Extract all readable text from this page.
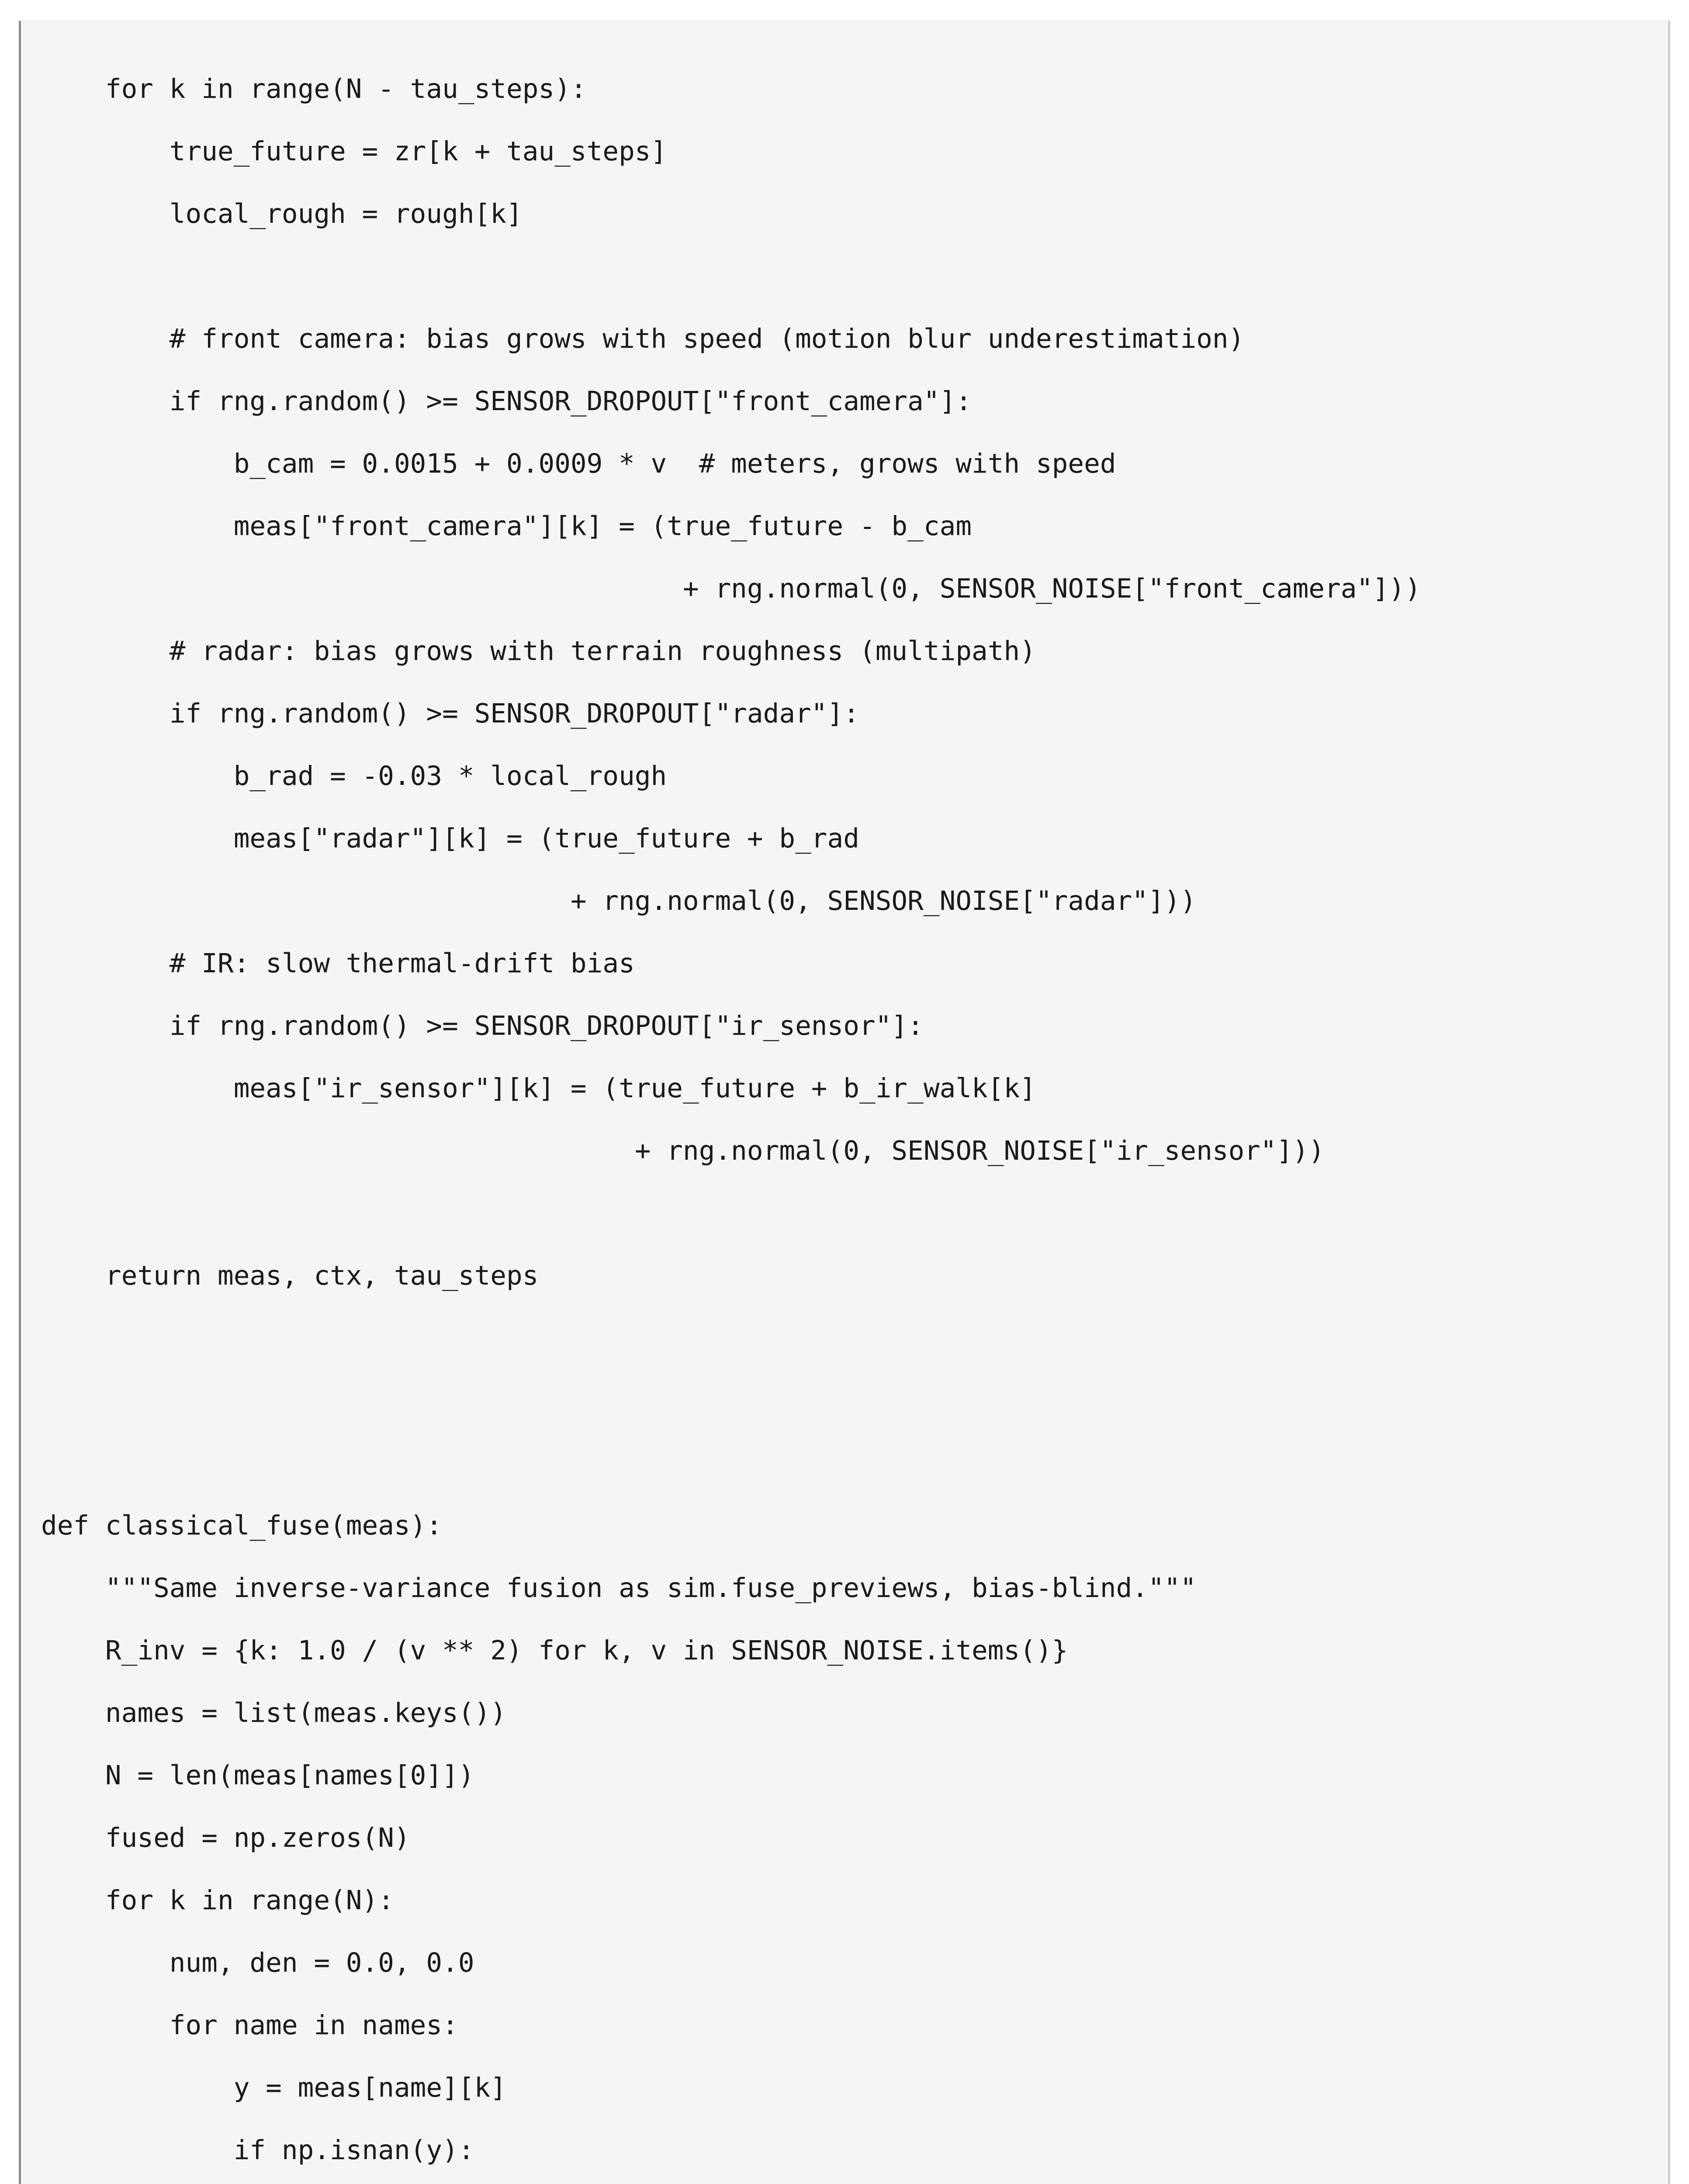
for k in range(N - tau_steps):
true_future = zr[k + tau_steps]
local_rough = rough[k]
# front camera: bias grows with speed (motion blur underestimation)
if rng.random() >= SENSOR_DROPOUT["front_camera"]:
b_cam = 0.0015 + 0.0009 * v  # meters, grows with speed
meas["front_camera"][k] = (true_future - b_cam
+ rng.normal(0, SENSOR_NOISE["front_camera"]))
# radar: bias grows with terrain roughness (multipath)
if rng.random() >= SENSOR_DROPOUT["radar"]:
b_rad = -0.03 * local_rough
meas["radar"][k] = (true_future + b_rad
+ rng.normal(0, SENSOR_NOISE["radar"]))
# IR: slow thermal-drift bias
if rng.random() >= SENSOR_DROPOUT["ir_sensor"]:
meas["ir_sensor"][k] = (true_future + b_ir_walk[k]
+ rng.normal(0, SENSOR_NOISE["ir_sensor"]))
return meas, ctx, tau_steps
def classical_fuse(meas):
"""Same inverse-variance fusion as sim.fuse_previews, bias-blind."""
R_inv = {k: 1.0 / (v ** 2) for k, v in SENSOR_NOISE.items()}
names = list(meas.keys())
N = len(meas[names[0]])
fused = np.zeros(N)
for k in range(N):
num, den = 0.0, 0.0
for name in names:
y = meas[name][k]
if np.isnan(y):
